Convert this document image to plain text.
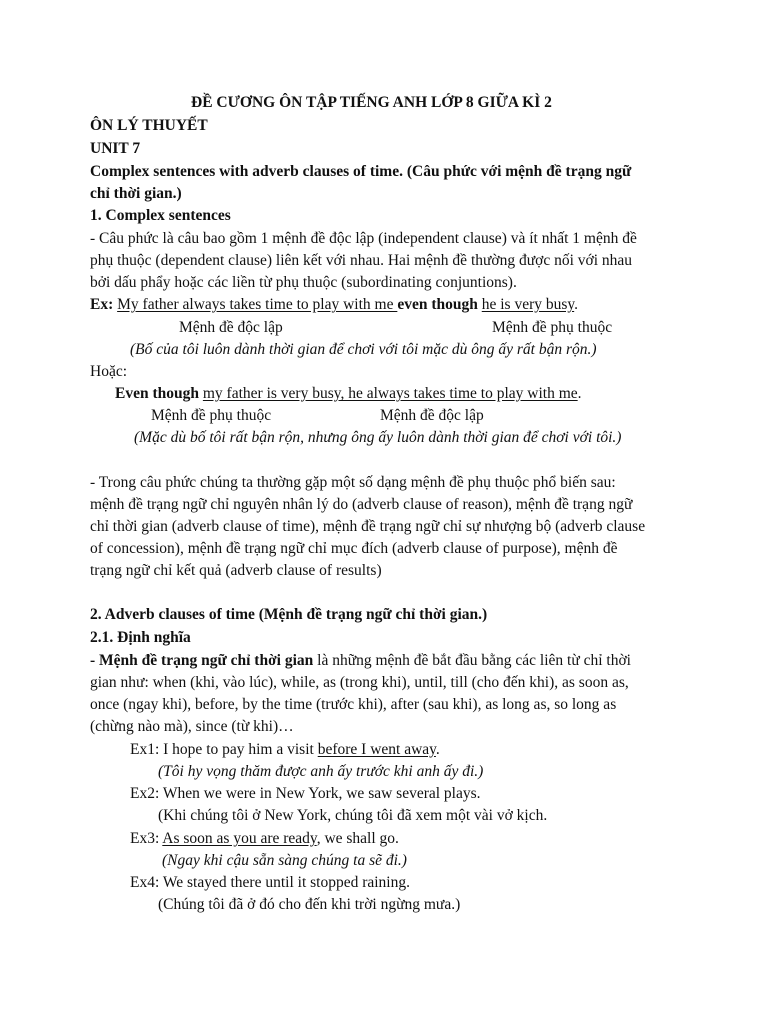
ĐỀ CƯƠNG ÔN TẬP TIẾNG ANH LỚP 8 GIỮA KÌ 2
ÔN LÝ THUYẾT
UNIT 7
Complex sentences with adverb clauses of time. (Câu phức với mệnh đề trạng ngữ
chỉ thời gian.)
1. Complex sentences
- Câu phức là câu bao gồm 1 mệnh đề độc lập (independent clause) và ít nhất 1 mệnh đề
phụ thuộc (dependent clause) liên kết với nhau. Hai mệnh đề thường được nối với nhau
bởi dấu phẩy hoặc các liền từ phụ thuộc (subordinating conjuntions).
Ex: My father always takes time to play with me even though he is very busy.
Mệnh đề độc lập	Mệnh đề phụ thuộc
(Bố của tôi luôn dành thời gian để chơi với tôi mặc dù ông ấy rất bận rộn.)
Hoặc:
Even though my father is very busy, he always takes time to play with me.
Mệnh đề phụ thuộc	Mệnh đề độc lập
(Mặc dù bố tôi rất bận rộn, nhưng ông ấy luôn dành thời gian để chơi với tôi.)
- Trong câu phức chúng ta thường gặp một số dạng mệnh đề phụ thuộc phổ biến sau:
mệnh đề trạng ngữ chỉ nguyên nhân lý do (adverb clause of reason), mệnh đề trạng ngữ
chỉ thời gian (adverb clause of time), mệnh đề trạng ngữ chỉ sự nhượng bộ (adverb clause
of concession), mệnh đề trạng ngữ chỉ mục đích (adverb clause of purpose), mệnh đề
trạng ngữ chỉ kết quả (adverb clause of results)
2. Adverb clauses of time (Mệnh đề trạng ngữ chỉ thời gian.)
2.1. Định nghĩa
- Mệnh đề trạng ngữ chỉ thời gian là những mệnh đề bắt đầu bằng các liên từ chỉ thời
gian như: when (khi, vào lúc), while, as (trong khi), until, till (cho đến khi), as soon as,
once (ngay khi), before, by the time (trước khi), after (sau khi), as long as, so long as
(chừng nào mà), since (từ khi)…
Ex1: I hope to pay him a visit before I went away.
(Tôi hy vọng thăm được anh ấy trước khi anh ấy đi.)
Ex2: When we were in New York, we saw several plays.
(Khi chúng tôi ở New York, chúng tôi đã xem một vài vở kịch.
Ex3: As soon as you are ready, we shall go.
(Ngay khi cậu sẵn sàng chúng ta sẽ đi.)
Ex4: We stayed there until it stopped raining.
(Chúng tôi đã ở đó cho đến khi trời ngừng mưa.)
